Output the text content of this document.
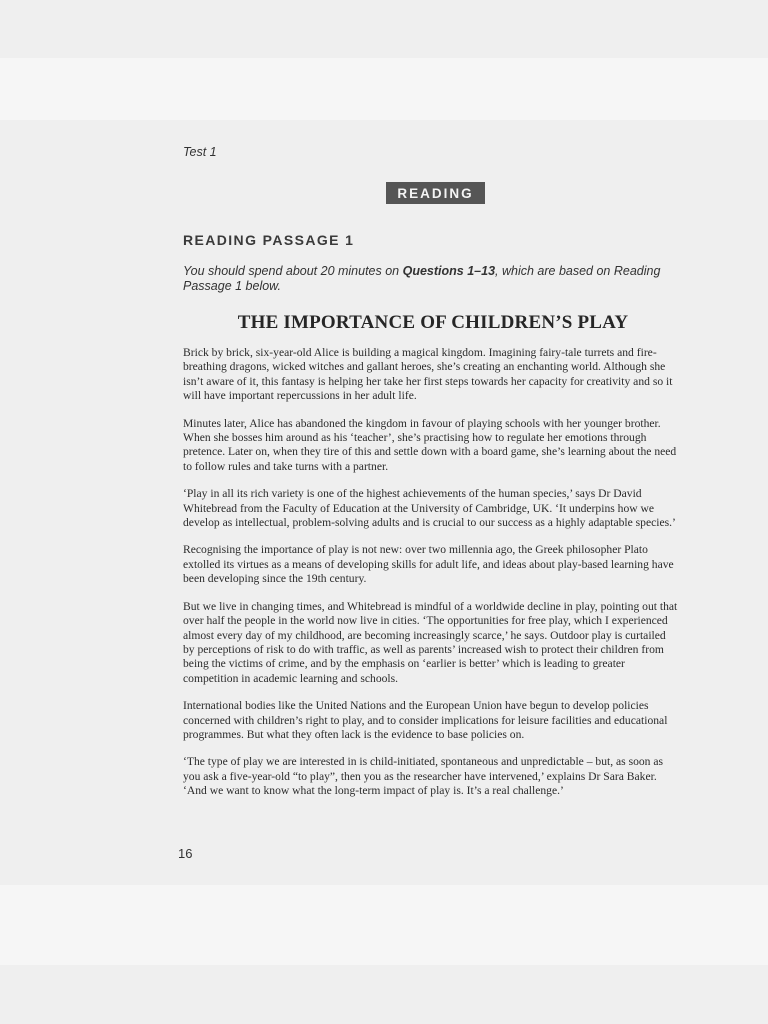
Test 1
READING
READING PASSAGE 1
You should spend about 20 minutes on Questions 1–13, which are based on Reading Passage 1 below.
THE IMPORTANCE OF CHILDREN’S PLAY

Brick by brick, six-year-old Alice is building a magical kingdom. Imagining fairy-tale turrets and fire-breathing dragons, wicked witches and gallant heroes, she’s creating an enchanting world. Although she isn’t aware of it, this fantasy is helping her take her first steps towards her capacity for creativity and so it will have important repercussions in her adult life.

Minutes later, Alice has abandoned the kingdom in favour of playing schools with her younger brother. When she bosses him around as his ‘teacher’, she’s practising how to regulate her emotions through pretence. Later on, when they tire of this and settle down with a board game, she’s learning about the need to follow rules and take turns with a partner.

‘Play in all its rich variety is one of the highest achievements of the human species,’ says Dr David Whitebread from the Faculty of Education at the University of Cambridge, UK. ‘It underpins how we develop as intellectual, problem-solving adults and is crucial to our success as a highly adaptable species.’

Recognising the importance of play is not new: over two millennia ago, the Greek philosopher Plato extolled its virtues as a means of developing skills for adult life, and ideas about play-based learning have been developing since the 19th century.

But we live in changing times, and Whitebread is mindful of a worldwide decline in play, pointing out that over half the people in the world now live in cities. ‘The opportunities for free play, which I experienced almost every day of my childhood, are becoming increasingly scarce,’ he says. Outdoor play is curtailed by perceptions of risk to do with traffic, as well as parents’ increased wish to protect their children from being the victims of crime, and by the emphasis on ‘earlier is better’ which is leading to greater competition in academic learning and schools.

International bodies like the United Nations and the European Union have begun to develop policies concerned with children’s right to play, and to consider implications for leisure facilities and educational programmes. But what they often lack is the evidence to base policies on.

‘The type of play we are interested in is child-initiated, spontaneous and unpredictable – but, as soon as you ask a five-year-old “to play”, then you as the researcher have intervened,’ explains Dr Sara Baker. ‘And we want to know what the long-term impact of play is. It’s a real challenge.’

16
